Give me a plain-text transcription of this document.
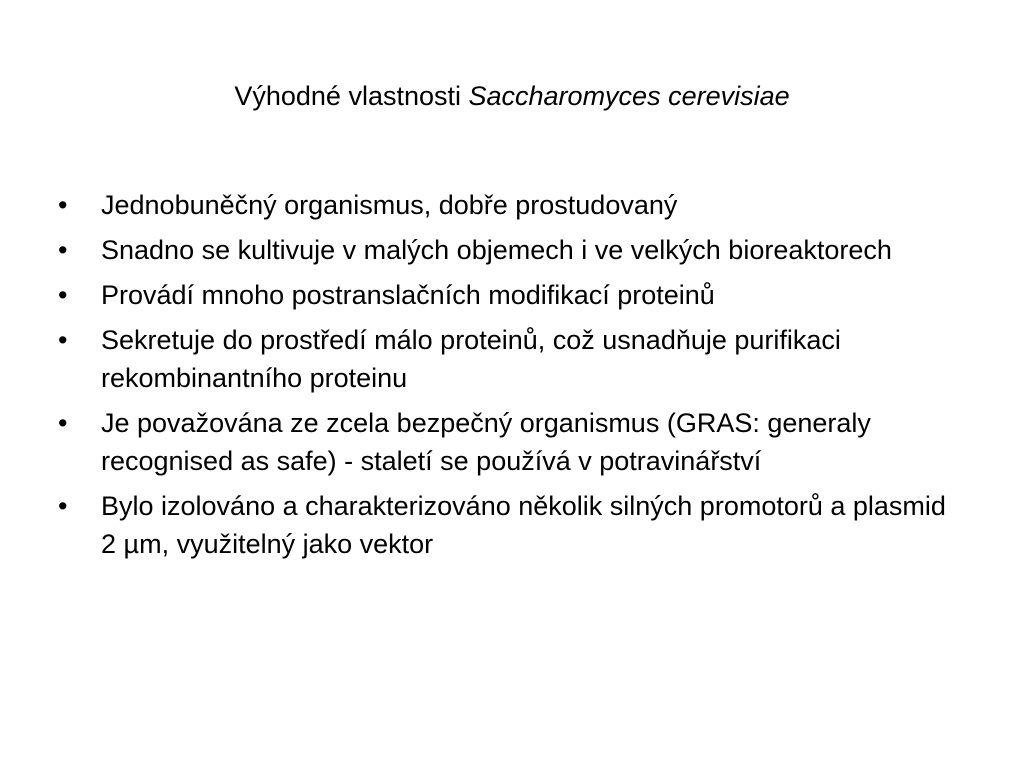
Výhodné vlastnosti Saccharomyces cerevisiae
•	Jednobuněčný organismus, dobře prostudovaný
•	Snadno se kultivuje v malých objemech i ve velkých bioreaktorech
•	Provádí mnoho postranslačních modifikací proteinů
•	Sekretuje do prostředí málo proteinů, což usnadňuje purifikaci rekombinantního proteinu
•	Je považována ze zcela bezpečný organismus (GRAS: generaly recognised as safe) - staletí se používá v potravinářství
•	Bylo izolováno a charakterizováno několik silných promotorů a plasmid 2 µm, využitelný jako vektor
